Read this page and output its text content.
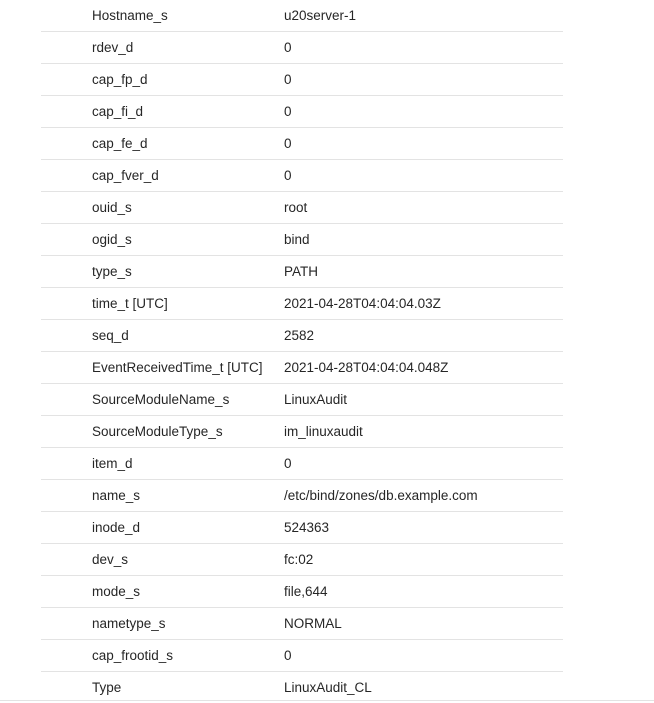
Hostname_s	u20server-1
rdev_d	0
cap_fp_d	0
cap_fi_d	0
cap_fe_d	0
cap_fver_d	0
ouid_s	root
ogid_s	bind
type_s	PATH
time_t [UTC]	2021-04-28T04:04:04.03Z
seq_d	2582
EventReceivedTime_t [UTC]	2021-04-28T04:04:04.048Z
SourceModuleName_s	LinuxAudit
SourceModuleType_s	im_linuxaudit
item_d	0
name_s	/etc/bind/zones/db.example.com
inode_d	524363
dev_s	fc:02
mode_s	file,644
nametype_s	NORMAL
cap_frootid_s	0
Type	LinuxAudit_CL
